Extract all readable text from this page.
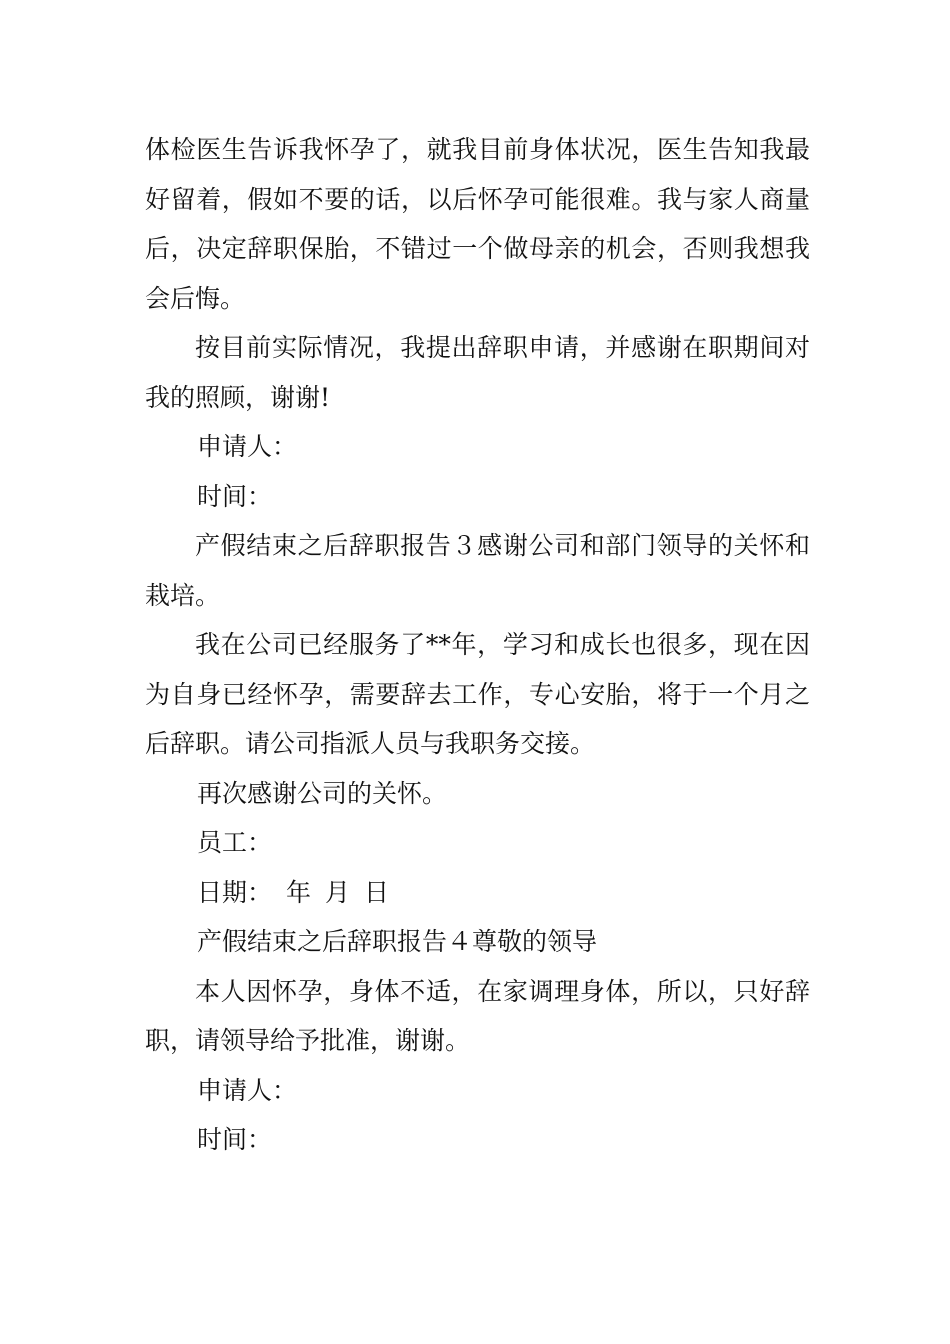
体检医生告诉我怀孕了，就我目前身体状况，医生告知我最好留着，假如不要的话，以后怀孕可能很难。我与家人商量后，决定辞职保胎，不错过一个做母亲的机会，否则我想我会后悔。

按目前实际情况，我提出辞职申请，并感谢在职期间对我的照顾，谢谢!

申请人：

时间：

产假结束之后辞职报告３感谢公司和部门领导的关怀和栽培。

我在公司已经服务了**年，学习和成长也很多，现在因为自身已经怀孕，需要辞去工作，专心安胎，将于一个月之后辞职。请公司指派人员与我职务交接。

再次感谢公司的关怀。

员工：

日期： 年 月 日

产假结束之后辞职报告４尊敬的领导

本人因怀孕，身体不适，在家调理身体，所以，只好辞职，请领导给予批准，谢谢。

申请人：

时间：
